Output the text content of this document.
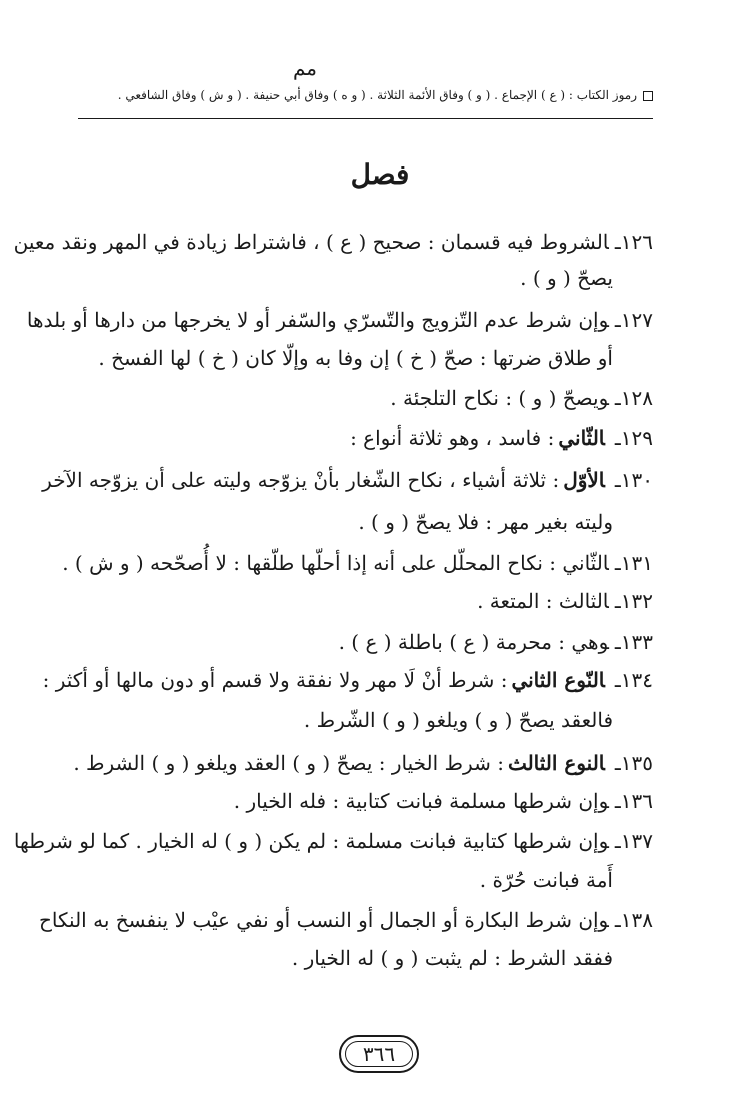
مم
رموز الكتاب : ( ع ) الإجماع . ( و ) وفاق الأئمة الثلاثة . ( و ه ) وفاق أبي حنيفة . ( و ش ) وفاق الشافعي .
فصل
١٢٦ـالشروط فيه قسمان : صحيح ( ع ) ، فاشتراط زيادة في المهر ونقد معين
يصحّ ( و ) .
١٢٧ـوإن شرط عدم التّزويج والتّسرّي والسّفر أو لا يخرجها من دارها أو بلدها
أو طلاق ضرتها : صحّ ( خ ) إن وفا به وإلّا كان ( خ ) لها الفسخ .
١٢٨ـويصحّ ( و ) : نكاح التلجئة .
١٢٩ـالثّاني: فاسد ، وهو ثلاثة أنواع :
١٣٠ـالأوّل: ثلاثة أشياء ، نكاح الشّغار بأنْ يزوّجه وليته على أن يزوّجه الآخر
وليته بغير مهر : فلا يصحّ ( و ) .
١٣١ـالثّاني : نكاح المحلّل على أنه إذا أحلّها طلّقها : لا أُصحّحه ( و ش ) .
١٣٢ـالثالث : المتعة .
١٣٣ـوهي : محرمة ( ع ) باطلة ( ع ) .
١٣٤ـالنّوع الثاني: شرط أنْ لَا مهر ولا نفقة ولا قسم أو دون مالها أو أكثر :
فالعقد يصحّ ( و ) ويلغو ( و ) الشّرط .
١٣٥ـالنوع الثالث: شرط الخيار : يصحّ ( و ) العقد ويلغو ( و ) الشرط .
١٣٦ـوإن شرطها مسلمة فبانت كتابية : فله الخيار .
١٣٧ـوإن شرطها كتابية فبانت مسلمة : لم يكن ( و ) له الخيار . كما لو شرطها
أَمة فبانت حُرّة .
١٣٨ـوإن شرط البكارة أو الجمال أو النسب أو نفي عيْب لا ينفسخ به النكاح
ففقد الشرط : لم يثبت ( و ) له الخيار .
٣٦٦
